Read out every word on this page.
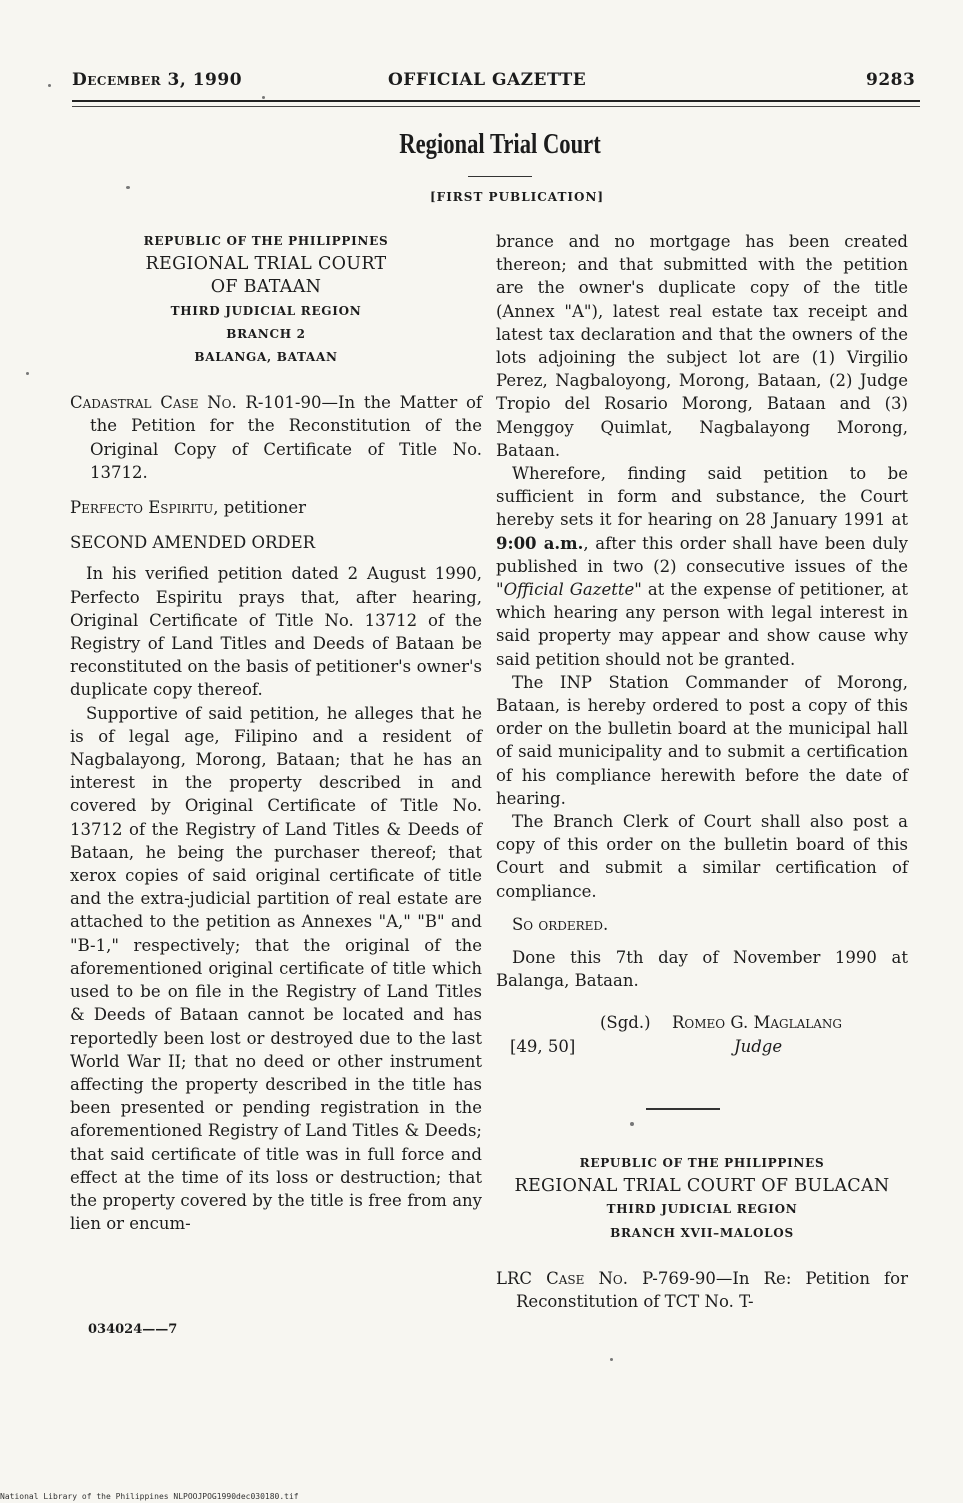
December 3, 1990	OFFICIAL GAZETTE	9283
Regional Trial Court
[FIRST PUBLICATION]
REPUBLIC OF THE PHILIPPINES
REGIONAL TRIAL COURT
OF BATAAN
THIRD JUDICIAL REGION
BRANCH 2
BALANGA, BATAAN

Cadastral Case No. R-101-90—In the Matter of the Petition for the Reconstitution of the Original Copy of Certificate of Title No. 13712.

Perfecto Espiritu, petitioner

SECOND AMENDED ORDER

In his verified petition dated 2 August 1990, Perfecto Espiritu prays that, after hearing, Original Certificate of Title No. 13712 of the Registry of Land Titles and Deeds of Bataan be reconstituted on the basis of petitioner's owner's duplicate copy thereof.

Supportive of said petition, he alleges that he is of legal age, Filipino and a resident of Nagbalayong, Morong, Bataan; that he has an interest in the property described in and covered by Original Certificate of Title No. 13712 of the Registry of Land Titles & Deeds of Bataan, he being the purchaser thereof; that xerox copies of said original certificate of title and the extra-judicial partition of real estate are attached to the petition as Annexes "A," "B" and "B-1," respectively; that the original of the aforementioned original certificate of title which used to be on file in the Registry of Land Titles & Deeds of Bataan cannot be located and has reportedly been lost or destroyed due to the last World War II; that no deed or other instrument affecting the property described in the title has been presented or pending registration in the aforementioned Registry of Land Titles & Deeds; that said certificate of title was in full force and effect at the time of its loss or destruction; that the property covered by the title is free from any lien or encum-

034024——7

brance and no mortgage has been created thereon; and that submitted with the petition are the owner's duplicate copy of the title (Annex "A"), latest real estate tax receipt and latest tax declaration and that the owners of the lots adjoining the subject lot are (1) Virgilio Perez, Nagbaloyong, Morong, Bataan, (2) Judge Tropio del Rosario Morong, Bataan and (3) Menggoy Quimlat, Nagbalayong Morong, Bataan.

Wherefore, finding said petition to be sufficient in form and substance, the Court hereby sets it for hearing on 28 January 1991 at 9:00 a.m., after this order shall have been duly published in two (2) consecutive issues of the "Official Gazette" at the expense of petitioner, at which hearing any person with legal interest in said property may appear and show cause why said petition should not be granted.

The INP Station Commander of Morong, Bataan, is hereby ordered to post a copy of this order on the bulletin board at the municipal hall of said municipality and to submit a certification of his compliance herewith before the date of hearing.

The Branch Clerk of Court shall also post a copy of this order on the bulletin board of this Court and submit a similar certification of compliance.

So ordered.

Done this 7th day of November 1990 at Balanga, Bataan.

(Sgd.) Romeo G. Maglalang
[49, 50]	Judge
REPUBLIC OF THE PHILIPPINES
REGIONAL TRIAL COURT OF BULACAN
THIRD JUDICIAL REGION
BRANCH XVII–MALOLOS

LRC Case No. P-769-90—In Re: Petition for Reconstitution of TCT No. T-

National Library of the Philippines NLPOOJPOG1990dec030180.tif
